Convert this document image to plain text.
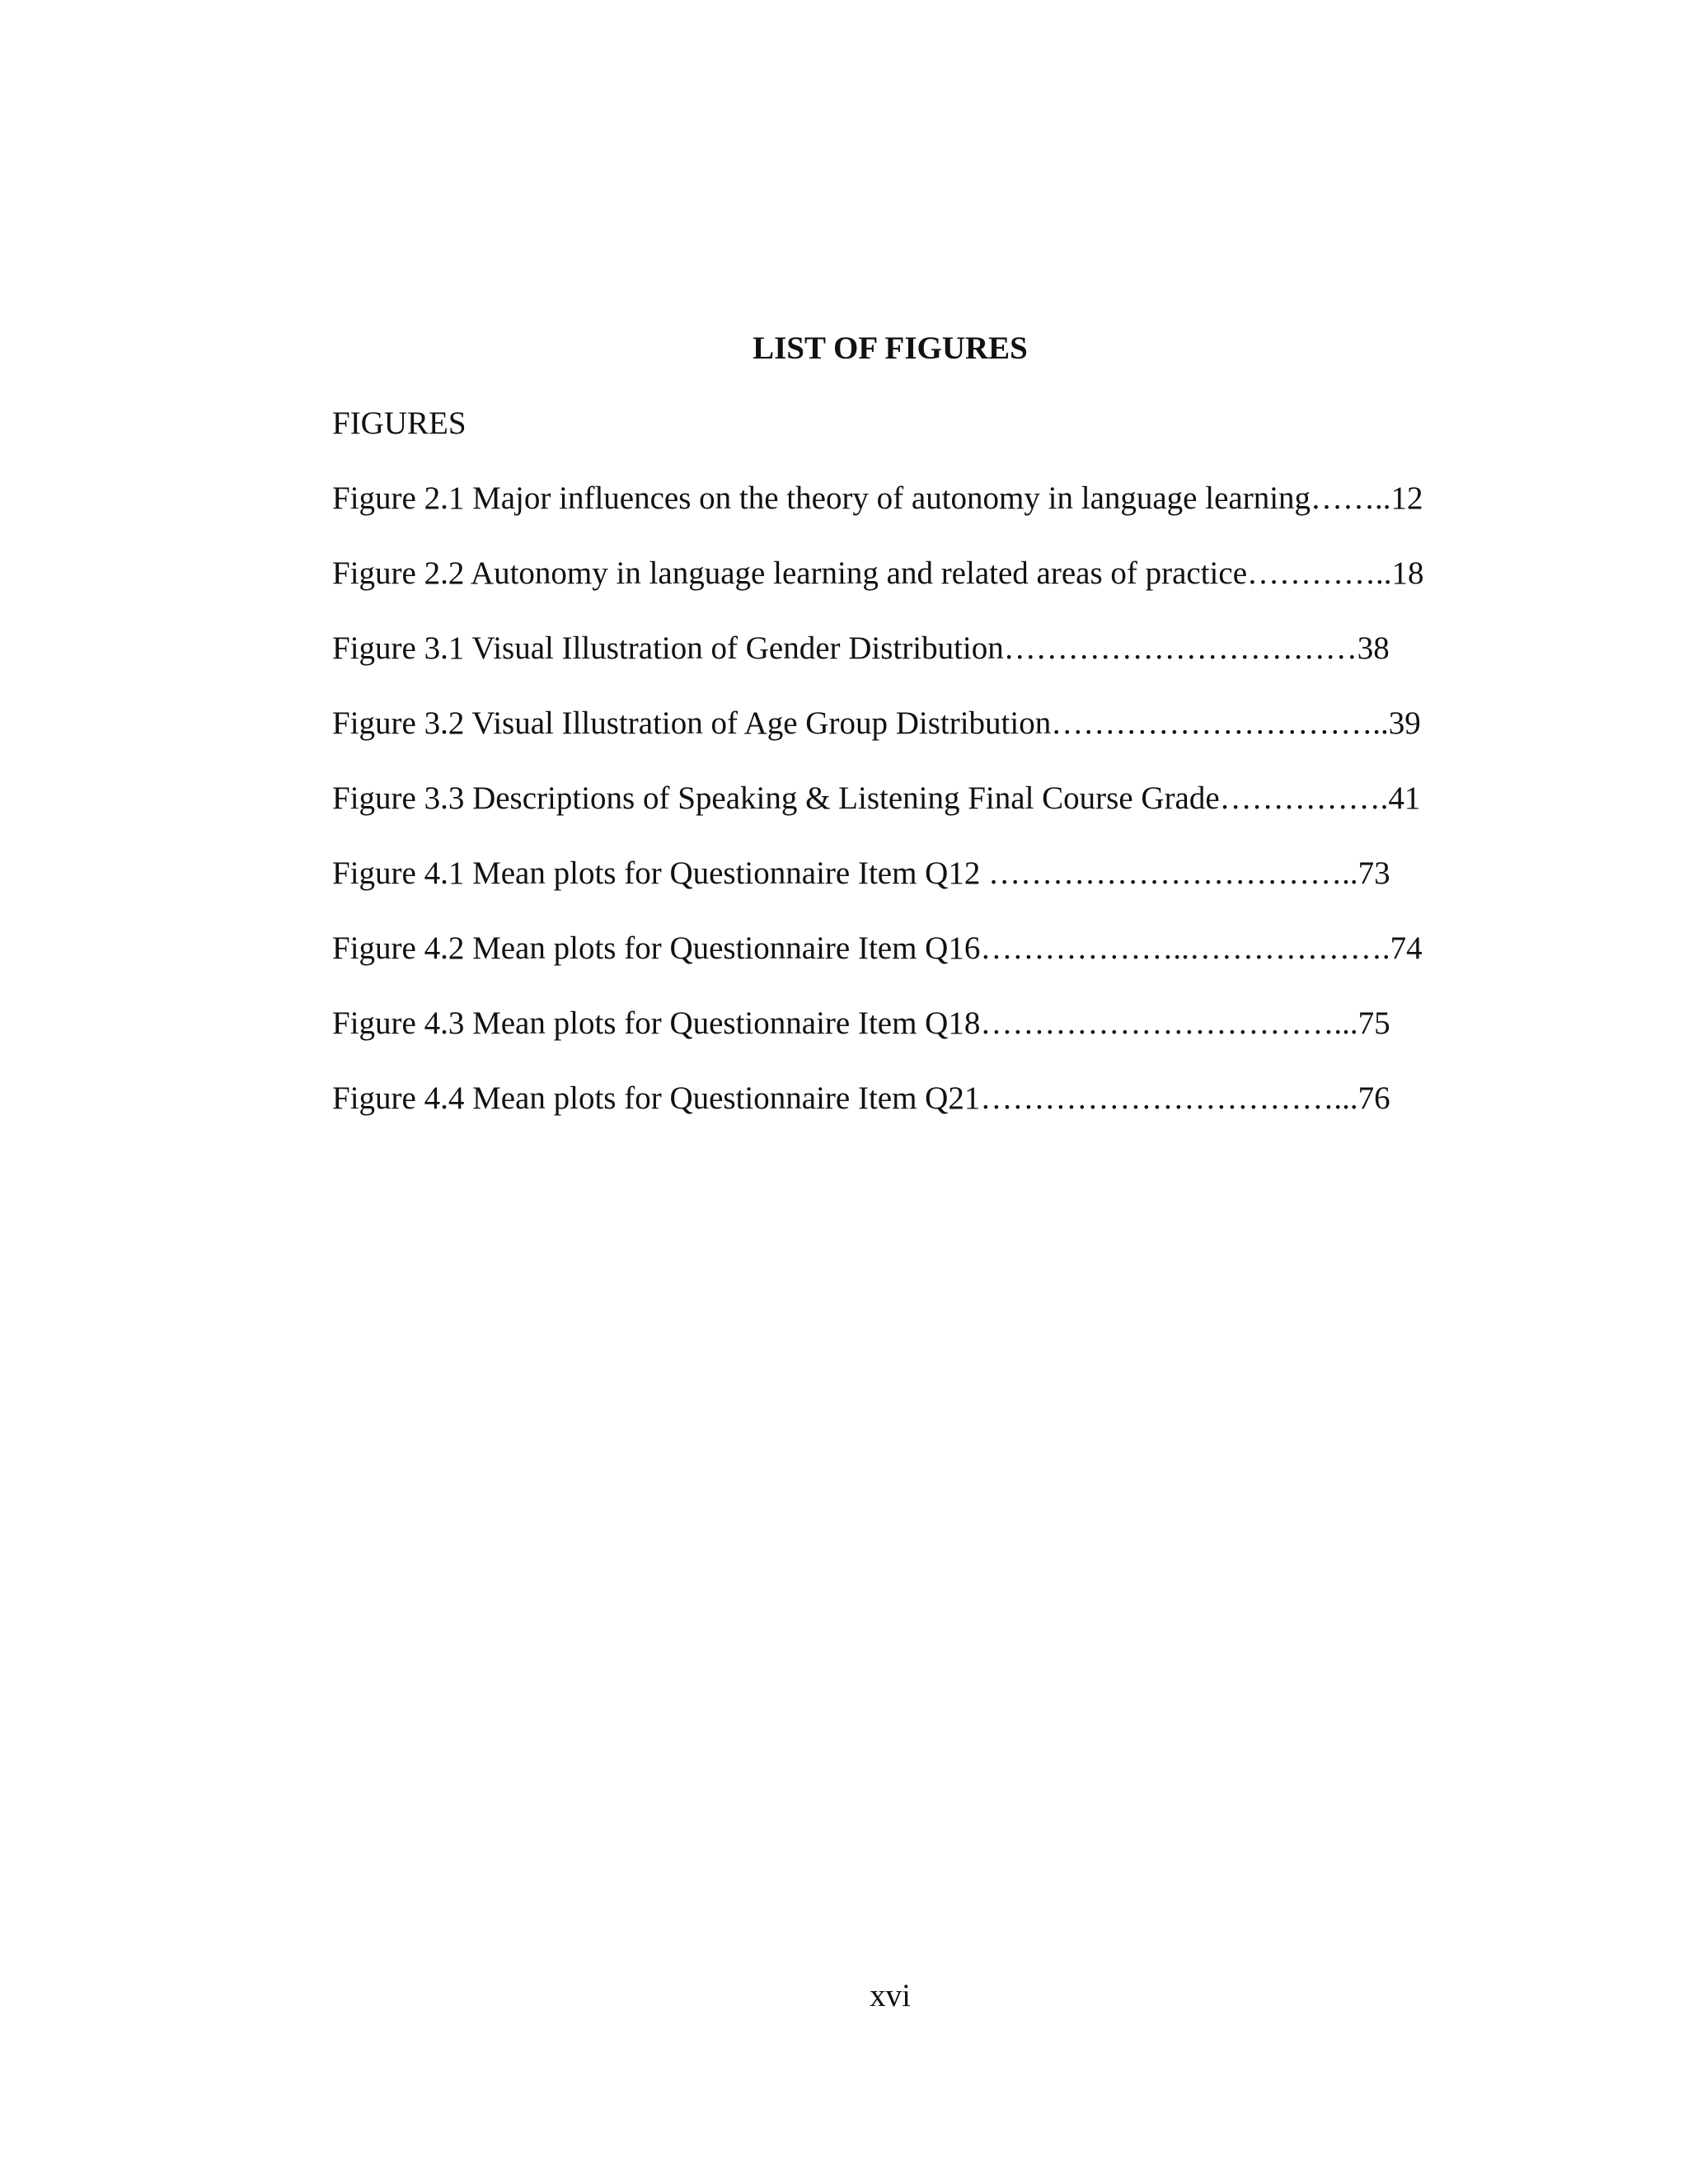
LIST OF FIGURES
FIGURES
Figure 2.1 Major influences on the theory of autonomy in language learning……..12
Figure 2.2 Autonomy in language learning and related areas of practice…………..18
Figure 3.1 Visual Illustration of Gender Distribution……………………………38
Figure 3.2 Visual Illustration of Age Group Distribution…………………………..39
Figure 3.3 Descriptions of Speaking & Listening Final Course Grade…………….41
Figure 4.1 Mean plots for Questionnaire Item Q12 ……………………………..73
Figure 4.2 Mean plots for Questionnaire Item Q16………………..……………….74
Figure 4.3 Mean plots for Questionnaire Item Q18……………………………...75
Figure 4.4 Mean plots for Questionnaire Item Q21……………………………...76
xvi
